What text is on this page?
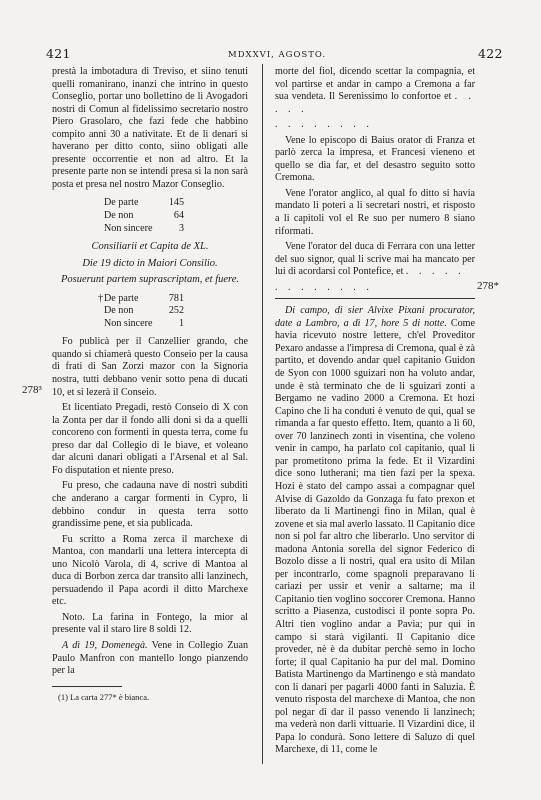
421	MDXXVI, AGOSTO.	422
278³
278*

prestà la imbotadura di Treviso, et siino tenuti quelli romanirano, inanzi che intrino in questo Conseglio, portar uno bollettino de li Avogadori nostri di Comun al fidelissimo secretario nostro Piero Grasolaro, che fazi fede che habbino compito anni 30 a nativitate. Et de li denari si haverano per ditto conto, siino obligati alle presente occorrentie et non ad altro. Et la presente parte non se intendi presa si la non sarà posta et presa nel nostro Mazor Conseglio.

De parte	145
De non	64
Non sincere	3
Consiliarii et Capita de XL.
Die 19 dicto in Maiori Consilio.
Posuerunt partem suprascriptam, et fuere.
† De parte	781
De non	252
Non sincere	1

Fo publicà per il Canzellier grando, che quando si chiamerà questo Conseio per la causa di frati di San Zorzi mazor con la Signoria nostra, tutti debbano venir sotto pena di ducati 10, et si lezerà il Conseio.

Et licentiato Pregadi, restò Conseio di X con la Zonta per dar il fondo alli doni si da a quelli concoreno con formenti in questa terra, come fu preso dar dal Collegio di le biave, et voleano dar alcuni danari obligati a l'Arsenal et al Sal. Fo disputation et niente preso.

Fu preso, che cadauna nave di nostri subditi che anderano a cargar formenti in Cypro, li debbino condur in questa terra sotto grandissime pene, et sia publicada.

Fu scritto a Roma zerca il marchexe di Mantoa, con mandarli una lettera intercepta di uno Nicolò Varola, di 4, scrive di Mantoa al duca di Borbon zerca dar transito alli lanzinech, persuadendo il Papa acordi il ditto Marchexe etc.

Noto. La farina in Fontego, la mior al presente val il staro lire 8 soldi 12.

A dì 19, Domenegà. Vene in Collegio Zuan Paulo Manfron con mantello longo pianzendo per la

(1) La carta 277* è bianca.

morte del fiol, dicendo scettar la compagnia, et vol partirse et andar in campo a Cremona a far sua vendeta. Il Serenissimo lo confortoe et . . . . .

. . . . . . . .

Vene lo episcopo di Baius orator di Franza et parlò zerca la impresa, et Francesi vieneno et quello se dia far, et del desastro seguito sotto Cremona.

Vene l'orator anglico, al qual fo ditto si havia mandato li poteri a li secretari nostri, et risposto a li capitoli vol el Re suo per numero 8 siano riformati.

Vene l'orator del duca di Ferrara con una letter del suo signor, qual li scrive mai ha mancato per lui di acordarsi col Pontefice, et . . . . .

. . . . . . . .

Di campo, di sier Alvixe Pixani procurator, date a Lambro, a dì 17, hore 5 di notte. Come havia ricevuto nostre lettere, ch'el Proveditor Pexaro andasse a l'impresa di Cremona, qual è zà partito, et dovendo andar quel capitanio Guidon de Syon con 1000 sguizari non ha voluto andar, unde è stà terminato che de li sguizari zonti a Bergamo ne vadino 2000 a Cremona. Et hozi Capino che li ha conduti è venuto de qui, qual se rimanda a far questo effetto. Item, quanto a li 60, over 70 lanzinech zonti in visentina, che voleno venir in campo, ha parlato col capitanio, qual li par prometitono prima la fede. Et il Vizardini dice sono lutherani; ma tien fazi per la spexa. Hozi è stato del campo assai a compagnar quel Alvise di Gazoldo da Gonzaga fu fato prexon et liberato da li Martinengi fino in Milan, qual è zovene et sia mal averlo lassato. Il Capitanio dice non si pol far altro che liberarlo. Uno servitor di madona Antonia sorella del signor Federico di Bozolo disse a li nostri, qual era usito di Milan per incontrarlo, come spagnoli preparavano li cariazi per ussir et venir a saltarne; ma il Capitanio tien voglino soccorer Cremona. Hanno scritto a Piasenza, custodisci il ponte sopra Po. Altri tien voglino andar a Pavia; pur qui in campo si starà vigilanti. Il Capitanio dice proveder, nè è da dubitar perchè semo in locho forte; il qual Capitanio ha pur del mal. Domino Batista Martinengo da Martinengo e stà mandato con li danari per pagarli 4000 fanti in Saluzia. È venuto risposta del marchexe di Mantoa, che non pol negar di dar il passo venendo li lanzinech; ma vederà non darli vittuarie. Il Vizardini dice, il Papa lo condurà. Sono lettere di Saluzo di quel Marchexe, di 11, come le
